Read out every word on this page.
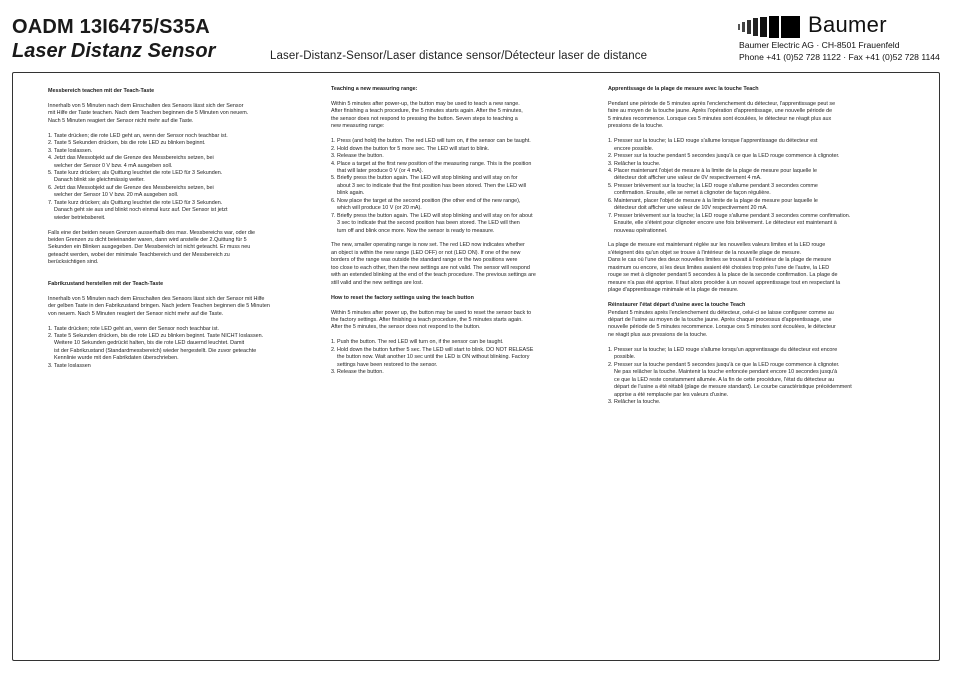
OADM 13I6475/S35A
Laser Distanz Sensor	Laser-Distanz-Sensor/Laser distance sensor/Détecteur laser de distance
Baumer
Baumer Electric AG · CH-8501 Frauenfeld
Phone +41 (0)52 728 1122 · Fax +41 (0)52 728 1144

Messbereich teachen mit der Teach-Taste

Innerhalb von 5 Minuten nach dem Einschalten des Sensors lässt sich der Sensor

mit Hilfe der Taste teachen. Nach dem Teachen beginnen die 5 Minuten von neuem.

Nach 5 Minuten reagiert der Sensor nicht mehr auf die Taste.

1. Taste drücken; die rote LED geht an, wenn der Sensor noch teachbar ist.
2. Taste 5 Sekunden drücken, bis die rote LED zu blinken beginnt.
3. Taste loslassen.
4. Jetzt das Messobjekt auf die Grenze des Messbereichs setzen, bei
welcher der Sensor 0 V bzw. 4 mA ausgeben soll.
5. Taste kurz drücken; als Quittung leuchtet die rote LED für 3 Sekunden.
Danach blinkt sie gleichmässig weiter.
6. Jetzt das Messobjekt auf die Grenze des Messbereichs setzen, bei
welcher der Sensor 10 V bzw. 20 mA ausgeben soll.
7. Taste kurz drücken; als Quittung leuchtet die rote LED für 3 Sekunden.
Danach geht sie aus und blinkt noch einmal kurz auf. Der Sensor ist jetzt
wieder betriebsbereit.

Falls eine der beiden neuen Grenzen ausserhalb des max. Messbereichs war, oder die

beiden Grenzen zu dicht beieinander waren, dann wird anstelle der 2.Quittung für 5

Sekunden ein Blinken ausgegeben. Der Messbereich ist nicht geteacht. Er muss neu

geteacht werden, wobei der minimale Teachbereich und der Messbereich zu

berücksichtigen sind.

Fabrikzustand herstellen mit der Teach-Taste

Innerhalb von 5 Minuten nach dem Einschalten des Sensors lässt sich der Sensor mit Hilfe

der gelben Taste in den Fabrikzustand bringen. Nach jedem Teachen beginnen die 5 Minuten

von neuem. Nach 5 Minuten reagiert der Sensor nicht mehr auf die Taste.

1. Taste drücken; rote LED geht an, wenn der Sensor noch teachbar ist.
2. Taste 5 Sekunden drücken, bis die rote LED zu blinken beginnt. Taste NICHT loslassen.
Weitere 10 Sekunden gedrückt halten, bis die rote LED dauernd leuchtet. Damit
ist der Fabrikzustand (Standardmessbereich) wieder hergestellt. Die zuvor geteachte
Kennlinie wurde mit den Fabrikdaten überschrieben.
3. Taste loslassen

Teaching a new measuring range:

Within 5 minutes after power-up, the button may be used to teach a new range.

After finishing a teach procedure, the 5 minutes starts again. After the 5 minutes,

the sensor does not respond to pressing the button. Seven steps to teaching a

new measuring range:

1. Press (and hold) the button. The red LED will turn on, if the sensor can be taught.
2. Hold down the button for 5 more sec. The LED will start to blink.
3. Release the button.
4. Place a target at the first new position of the measuring range. This is the position
that will later produce 0 V (or 4 mA).
5. Briefly press the button again. The LED will stop blinking and will stay on for
about 3 sec to indicate that the first position has been stored. Then the LED will
blink again.
6. Now place the target at the second position (the other end of the new range),
which will produce 10 V (or 20 mA).
7. Briefly press the button again. The LED will stop blinking and will stay on for about
3 sec to indicate that the second position has been stored. The LED will then
turn off and blink once more. Now the sensor is ready to measure.

The new, smaller operating range is now set. The red LED now indicates whether

an object is within the new range (LED OFF) or not (LED ON). If one of the new

borders of the range was outside the standard range or the two positions were

too close to each other, then the new settings are not valid. The sensor will respond

with an extended blinking at the end of the teach procedure. The previous settings are

still valid and the new settings are lost.

How to reset the factory settings using the teach button

Within 5 minutes after power up, the button may be used to reset the sensor back to

the factory settings. After finishing a teach procedure, the 5 minutes starts again.

After the 5 minutes, the sensor does not respond to the button.

1. Push the button. The red LED will turn on, if the sensor can be taught.
2. Hold down the button further 5 sec. The LED will start to blink. DO NOT RELEASE
the button now. Wait another 10 sec until the LED is ON without blinking. Factory
settings have been restored to the sensor.
3. Release the button.

Apprentissage de la plage de mesure avec la touche Teach

Pendant une période de 5 minutes après l'enclenchement du détecteur, l'apprentissage peut se

faire au moyen de la touche jaune. Après l'opération d'apprentissage, une nouvelle période de

5 minutes recommence. Lorsque ces 5 minutes sont écoulées, le détecteur ne réagit plus aux

pressions de la touche.

1. Presser sur la touche; la LED rouge s'allume lorsque l'apprentissage du détecteur est
encore possible.
2. Presser sur la touche pendant 5 secondes jusqu'à ce que la LED rouge commence à clignoter.
3. Relâcher la touche.
4. Placer maintenant l'objet de mesure à la limite de la plage de mesure pour laquelle le
détecteur doit afficher une valeur de 0V respectivement 4 mA.
5. Presser brièvement sur la touche; la LED rouge s'allume pendant 3 secondes comme
confirmation. Ensuite, elle se remet à clignoter de façon régulière.
6. Maintenant, placer l'objet de mesure à la limite de la plage de mesure pour laquelle le
détecteur doit afficher une valeur de 10V respectivement 20 mA.
7. Presser brièvement sur la touche; la LED rouge s'allume pendant 3 secondes comme confirmation.
Ensuite, elle s'éteint pour clignoter encore une fois brièvement. Le détecteur est maintenant à
nouveau opérationnel.

La plage de mesure est maintenant réglée sur les nouvelles valeurs limites et la LED rouge

s'éteignent dès qu'un objet se trouve à l'intérieur de la nouvelle plage de mesure.

Dans le cas où l'une des deux nouvelles limites se trouvait à l'extérieur de la plage de mesure

maximum ou encore, si les deux limites avaient été choisies trop près l'une de l'autre, la LED

rouge se met à clignoter pendant 5 secondes à la place de la seconde confirmation. La plage de

mesure n'a pas été apprise. Il faut alors procéder à un nouvel apprentissage tout en respectant la

plage d'apprentissage minimale et la plage de mesure.

Réinstaurer l'état départ d'usine avec la touche Teach

Pendant 5 minutes après l'enclenchement du détecteur, celui-ci se laisse configurer comme au

départ de l'usine au moyen de la touche jaune. Après chaque processus d'apprentissage, une

nouvelle période de 5 minutes recommence. Lorsque ces 5 minutes sont écoulées, le détecteur

ne réagit plus aux pressions de la touche.

1. Presser sur la touche; la LED rouge s'allume lorsqu'un apprentissage du détecteur est encore
possible.
2. Presser sur la touche pendant 5 secondes jusqu'à ce que la LED rouge commence à clignoter.
Ne pas relâcher la touche. Maintenir la touche enfoncée pendant encore 10 secondes jusqu'à
ce que la LED reste constamment allumée. A la fin de cette procédure, l'état du détecteur au
départ de l'usine a été rétabli (plage de mesure standard). Le courbe caractéristique précédemment
apprise a été remplacée par les valeurs d'usine.
3. Relâcher la touche.
